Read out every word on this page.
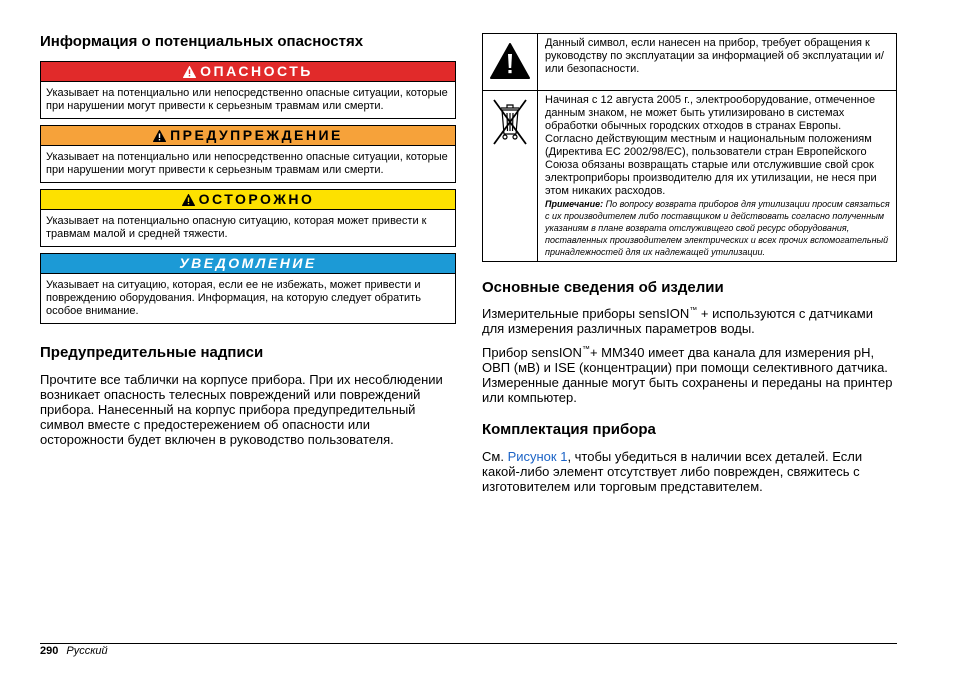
Информация о потенциальных опасностях
ОПАСНОСТЬ
Указывает на потенциально или непосредственно опасные ситуации, которые при нарушении могут привести к серьезным травмам или смерти.
ПРЕДУПРЕЖДЕНИЕ
Указывает на потенциально или непосредственно опасные ситуации, которые при нарушении могут привести к серьезным травмам или смерти.
ОСТОРОЖНО
Указывает на потенциально опасную ситуацию, которая может привести к травмам малой и средней тяжести.
УВЕДОМЛЕНИЕ
Указывает на ситуацию, которая, если ее не избежать, может привести и повреждению оборудования. Информация, на которую следует обратить особое внимание.
Предупредительные надписи

Прочтите все таблички на корпусе прибора. При их несоблюдении возникает опасность телесных повреждений или повреждений прибора. Нанесенный на корпус прибора предупредительный символ вместе с предостережением об опасности или осторожности будет включен в руководство пользователя.

	Данный символ, если нанесен на прибор, требует обращения к руководству по эксплуатации за информацией об эксплуатации и/или безопасности.

Начиная с 12 августа 2005 г., электрооборудование, отмеченное данным знаком, не может быть утилизировано в системах обработки обычных городских отходов в странах Европы. Согласно действующим местным и национальным положениям (Директива ЕС 2002/98/EC), пользователи стран Европейского Союза обязаны возвращать старые или отслужившие свой срок электроприборы производителю для их утилизации, не неся при этом никаких расходов.
Примечание: По вопросу возврата приборов для утилизации просим связаться с их производителем либо поставщиком и действовать согласно полученным указаниям в плане возврата отслуживщего свой ресурс оборудования, поставленных производителем электрических и всех прочих вспомогательный принадлежностей для их надлежащей утилизации.
Основные сведения об изделии

Измерительные приборы sensION™ + используются с датчиками для измерения различных параметров воды.

Прибор sensION™+ MM340 имеет два канала для измерения pH, ОВП (мВ) и ISE (концентрации) при помощи селективного датчика. Измеренные данные могут быть сохранены и переданы на принтер или компьютер.

Комплектация прибора

См. Рисунок 1, чтобы убедиться в наличии всех деталей. Если какой-либо элемент отсутствует либо поврежден, свяжитесь с изготовителем или торговым представителем.

290 Русский
